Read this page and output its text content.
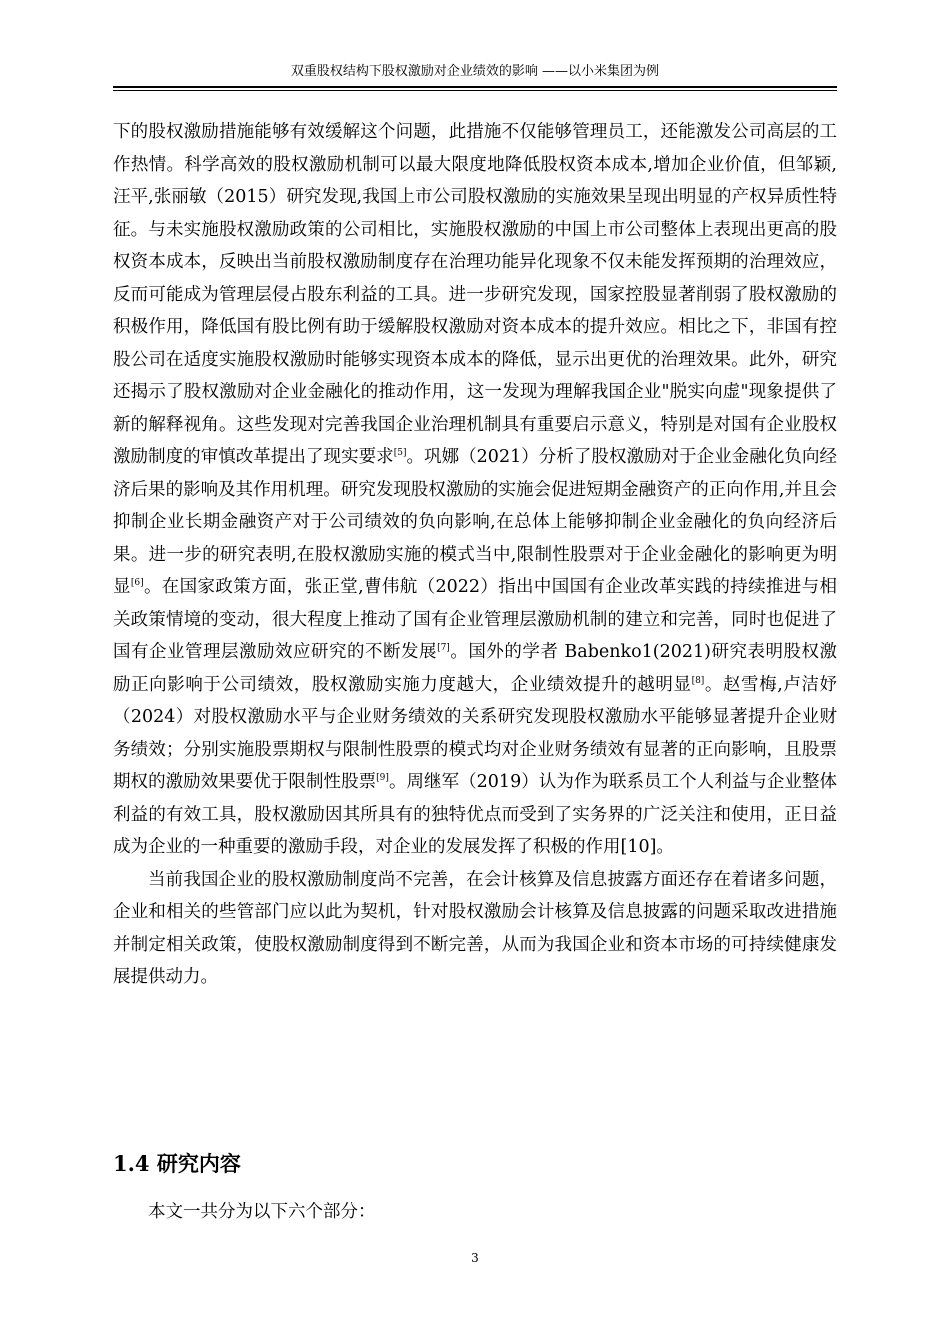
双重股权结构下股权激励对企业绩效的影响 ——以小米集团为例

下的股权激励措施能够有效缓解这个问题，此措施不仅能够管理员工，还能激发公司高层的工作热情。科学高效的股权激励机制可以最大限度地降低股权资本成本,增加企业价值，但邹颖,汪平,张丽敏（2015）研究发现,我国上市公司股权激励的实施效果呈现出明显的产权异质性特征。与未实施股权激励政策的公司相比，实施股权激励的中国上市公司整体上表现出更高的股权资本成本，反映出当前股权激励制度存在治理功能异化现象不仅未能发挥预期的治理效应，反而可能成为管理层侵占股东利益的工具。进一步研究发现，国家控股显著削弱了股权激励的积极作用，降低国有股比例有助于缓解股权激励对资本成本的提升效应。相比之下，非国有控股公司在适度实施股权激励时能够实现资本成本的降低，显示出更优的治理效果。此外，研究还揭示了股权激励对企业金融化的推动作用，这一发现为理解我国企业"脱实向虚"现象提供了新的解释视角。这些发现对完善我国企业治理机制具有重要启示意义，特别是对国有企业股权激励制度的审慎改革提出了现实要求[5]。巩娜（2021）分析了股权激励对于企业金融化负向经济后果的影响及其作用机理。研究发现股权激励的实施会促进短期金融资产的正向作用,并且会抑制企业长期金融资产对于公司绩效的负向影响,在总体上能够抑制企业金融化的负向经济后果。进一步的研究表明,在股权激励实施的模式当中,限制性股票对于企业金融化的影响更为明显[6]。在国家政策方面，张正堂,曹伟航（2022）指出中国国有企业改革实践的持续推进与相关政策情境的变动，很大程度上推动了国有企业管理层激励机制的建立和完善，同时也促进了国有企业管理层激励效应研究的不断发展[7]。国外的学者 Babenko1(2021)研究表明股权激励正向影响于公司绩效，股权激励实施力度越大，企业绩效提升的越明显[8]。赵雪梅,卢洁妤（2024）对股权激励水平与企业财务绩效的关系研究发现股权激励水平能够显著提升企业财务绩效；分别实施股票期权与限制性股票的模式均对企业财务绩效有显著的正向影响，且股票期权的激励效果要优于限制性股票[9]。周继军（2019）认为作为联系员工个人利益与企业整体利益的有效工具，股权激励因其所具有的独特优点而受到了实务界的广泛关注和使用，正日益成为企业的一种重要的激励手段，对企业的发展发挥了积极的作用[10]。

当前我国企业的股权激励制度尚不完善，在会计核算及信息披露方面还存在着诸多问题，企业和相关的些管部门应以此为契机，针对股权激励会计核算及信息披露的问题采取改进措施并制定相关政策，使股权激励制度得到不断完善，从而为我国企业和资本市场的可持续健康发展提供动力。

1.4 研究内容
本文一共分为以下六个部分：
3
